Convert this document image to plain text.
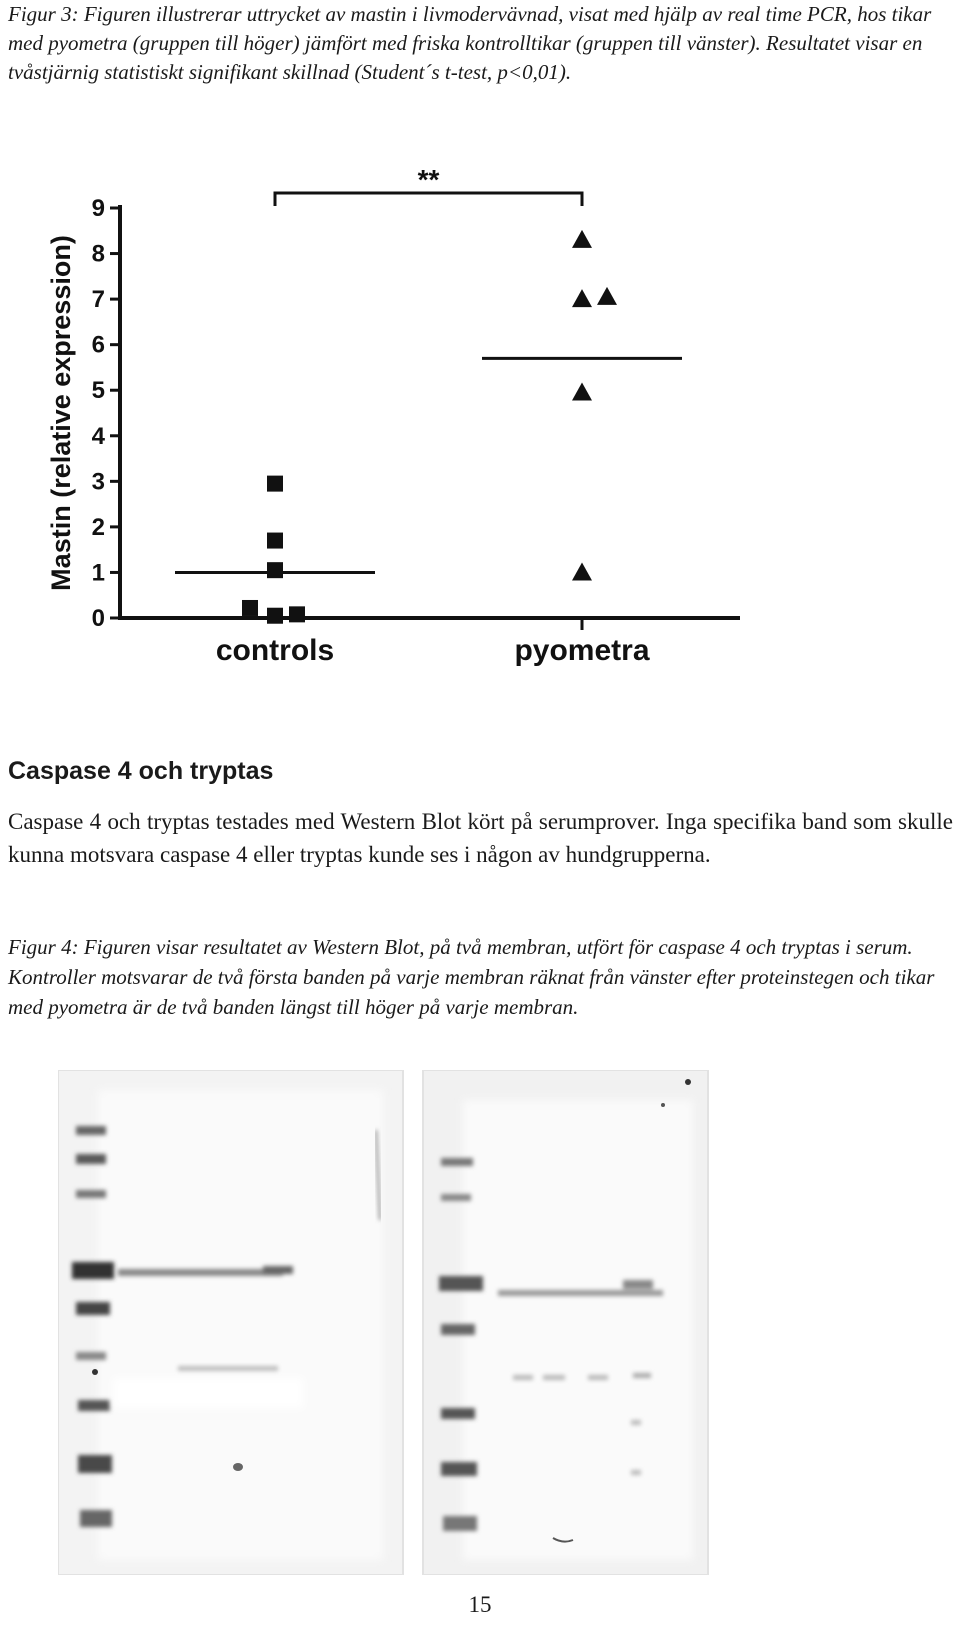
Figur 3: Figuren illustrerar uttrycket av mastin i livmodervävnad, visat med hjälp av real time PCR, hos tikar med pyometra (gruppen till höger) jämfört med friska kontrolltikar (gruppen till vänster). Resultatet visar en tvåstjärnig statistiskt signifikant skillnad (Student´s t-test, p<0,01).

0
1
2
3
4
5
6
7
8
9
Mastin (relative expression)
controls	pyometra
**
Caspase 4 och tryptas

Caspase 4 och tryptas testades med Western Blot kört på serumprover. Inga specifika band som skulle kunna motsvara caspase 4 eller tryptas kunde ses i någon av hundgrupperna.

Figur 4: Figuren visar resultatet av Western Blot, på två membran, utfört för caspase 4 och tryptas i serum. Kontroller motsvarar de två första banden på varje membran räknat från vänster efter proteinstegen och tikar med pyometra är de två banden längst till höger på varje membran.

15
